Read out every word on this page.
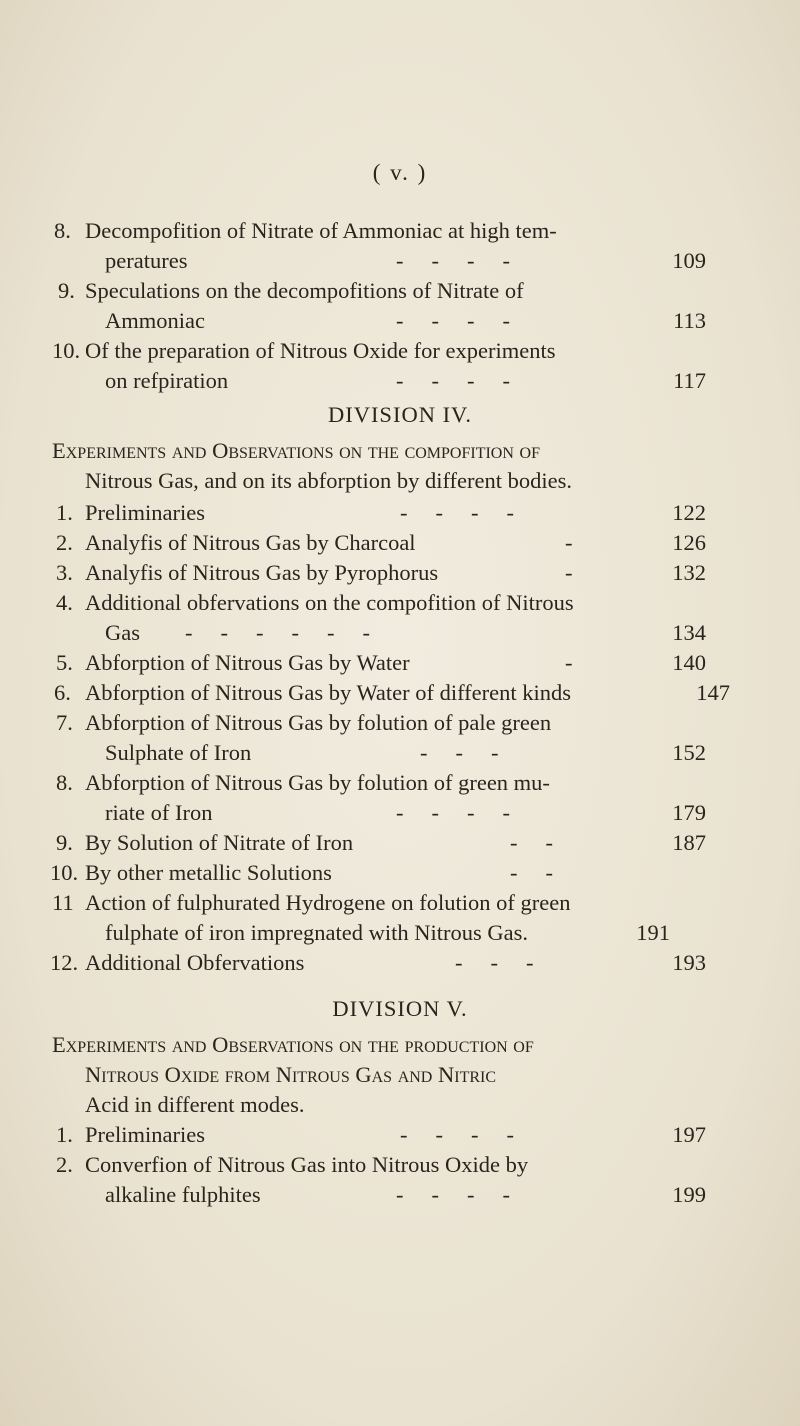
( v. )
8. Decompofition of Nitrate of Ammoniac at high tem-
peratures	----	109
9. Speculations on the decompofitions of Nitrate of
Ammoniac	----	113
10. Of the preparation of Nitrous Oxide for experiments
on refpiration	----	117
DIVISION IV.
Experiments and Observations on the compofition of
Nitrous Gas, and on its abforption by different bodies.
1. Preliminaries	----	122
2. Analyfis of Nitrous Gas by Charcoal	-	126
3. Analyfis of Nitrous Gas by Pyrophorus	-	132
4. Additional obfervations on the compofition of Nitrous
Gas ------	134
5. Abforption of Nitrous Gas by Water	-	140
6. Abforption of Nitrous Gas by Water of different kinds	147
7. Abforption of Nitrous Gas by folution of pale green
Sulphate of Iron	---	152
8. Abforption of Nitrous Gas by folution of green mu-
riate of Iron	----	179
9. By Solution of Nitrate of Iron	--	187
10. By other metallic Solutions	--
11 Action of fulphurated Hydrogene on folution of green
fulphate of iron impregnated with Nitrous Gas.	191
12. Additional Obfervations	---	193
DIVISION V.
Experiments and Observations on the production of
Nitrous Oxide from Nitrous Gas and Nitric
Acid in different modes.
1. Preliminaries	----	197
2. Converfion of Nitrous Gas into Nitrous Oxide by
alkaline fulphites	----	199
